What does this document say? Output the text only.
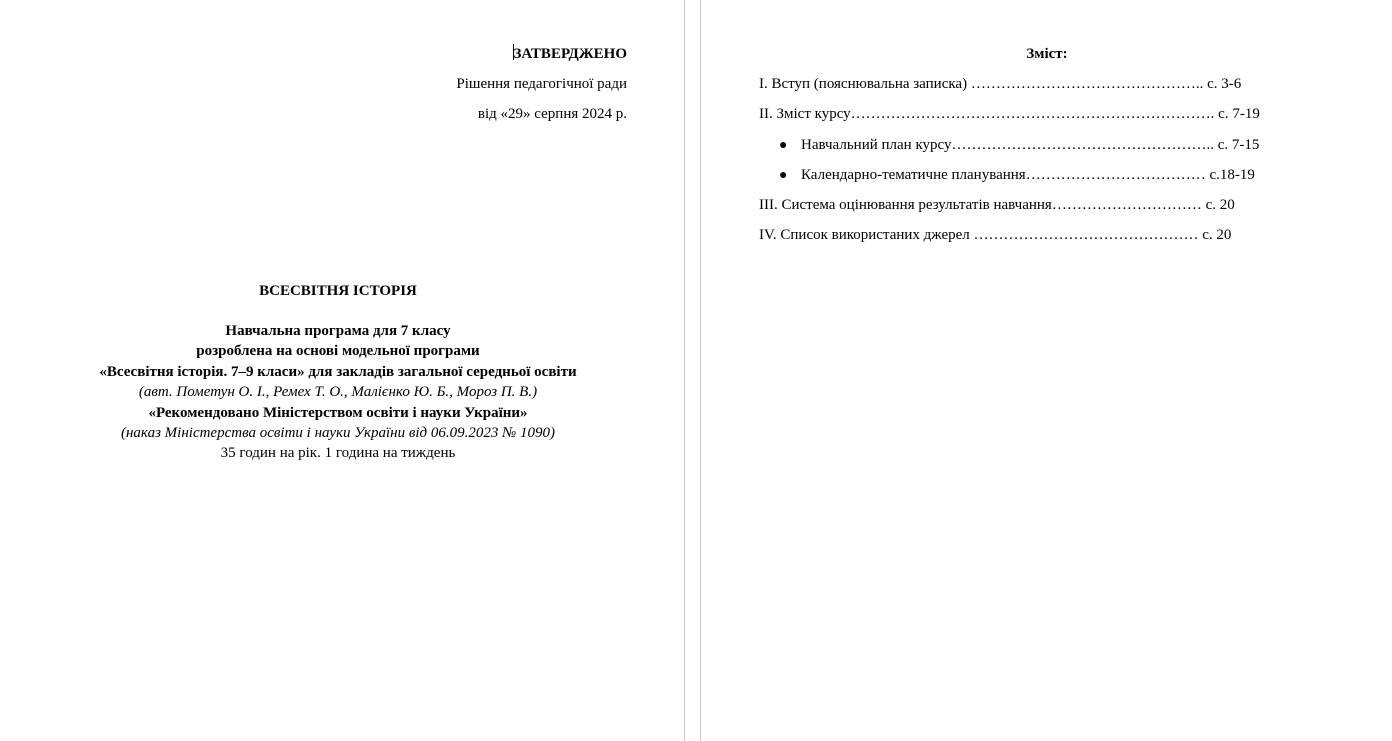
ЗАТВЕРДЖЕНО
Рішення педагогічної ради
від «29» серпня 2024 р.
ВСЕСВІТНЯ ІСТОРІЯ
Навчальна програма для 7 класу
розроблена на основі модельної програми
«Всесвітня історія. 7–9 класи» для закладів загальної середньої освіти
(авт. Пометун О. І., Ремех Т. О., Малієнко Ю. Б., Мороз П. В.)
«Рекомендовано Міністерством освіти і науки України»
(наказ Міністерства освіти і науки України від 06.09.2023 № 1090)
35 годин на рік. 1 година на тиждень
Зміст:
I. Вступ (пояснювальна записка) ……………………………………….. с. 3-6
II. Зміст курсу………………………………………………………………. с. 7-19
● Навчальний план курсу…………………………………………….. с. 7-15
● Календарно-тематичне планування……………………………… с.18-19
III. Система оцінювання результатів навчання………………………… с. 20
IV. Список використаних джерел ……………………………………… с. 20
